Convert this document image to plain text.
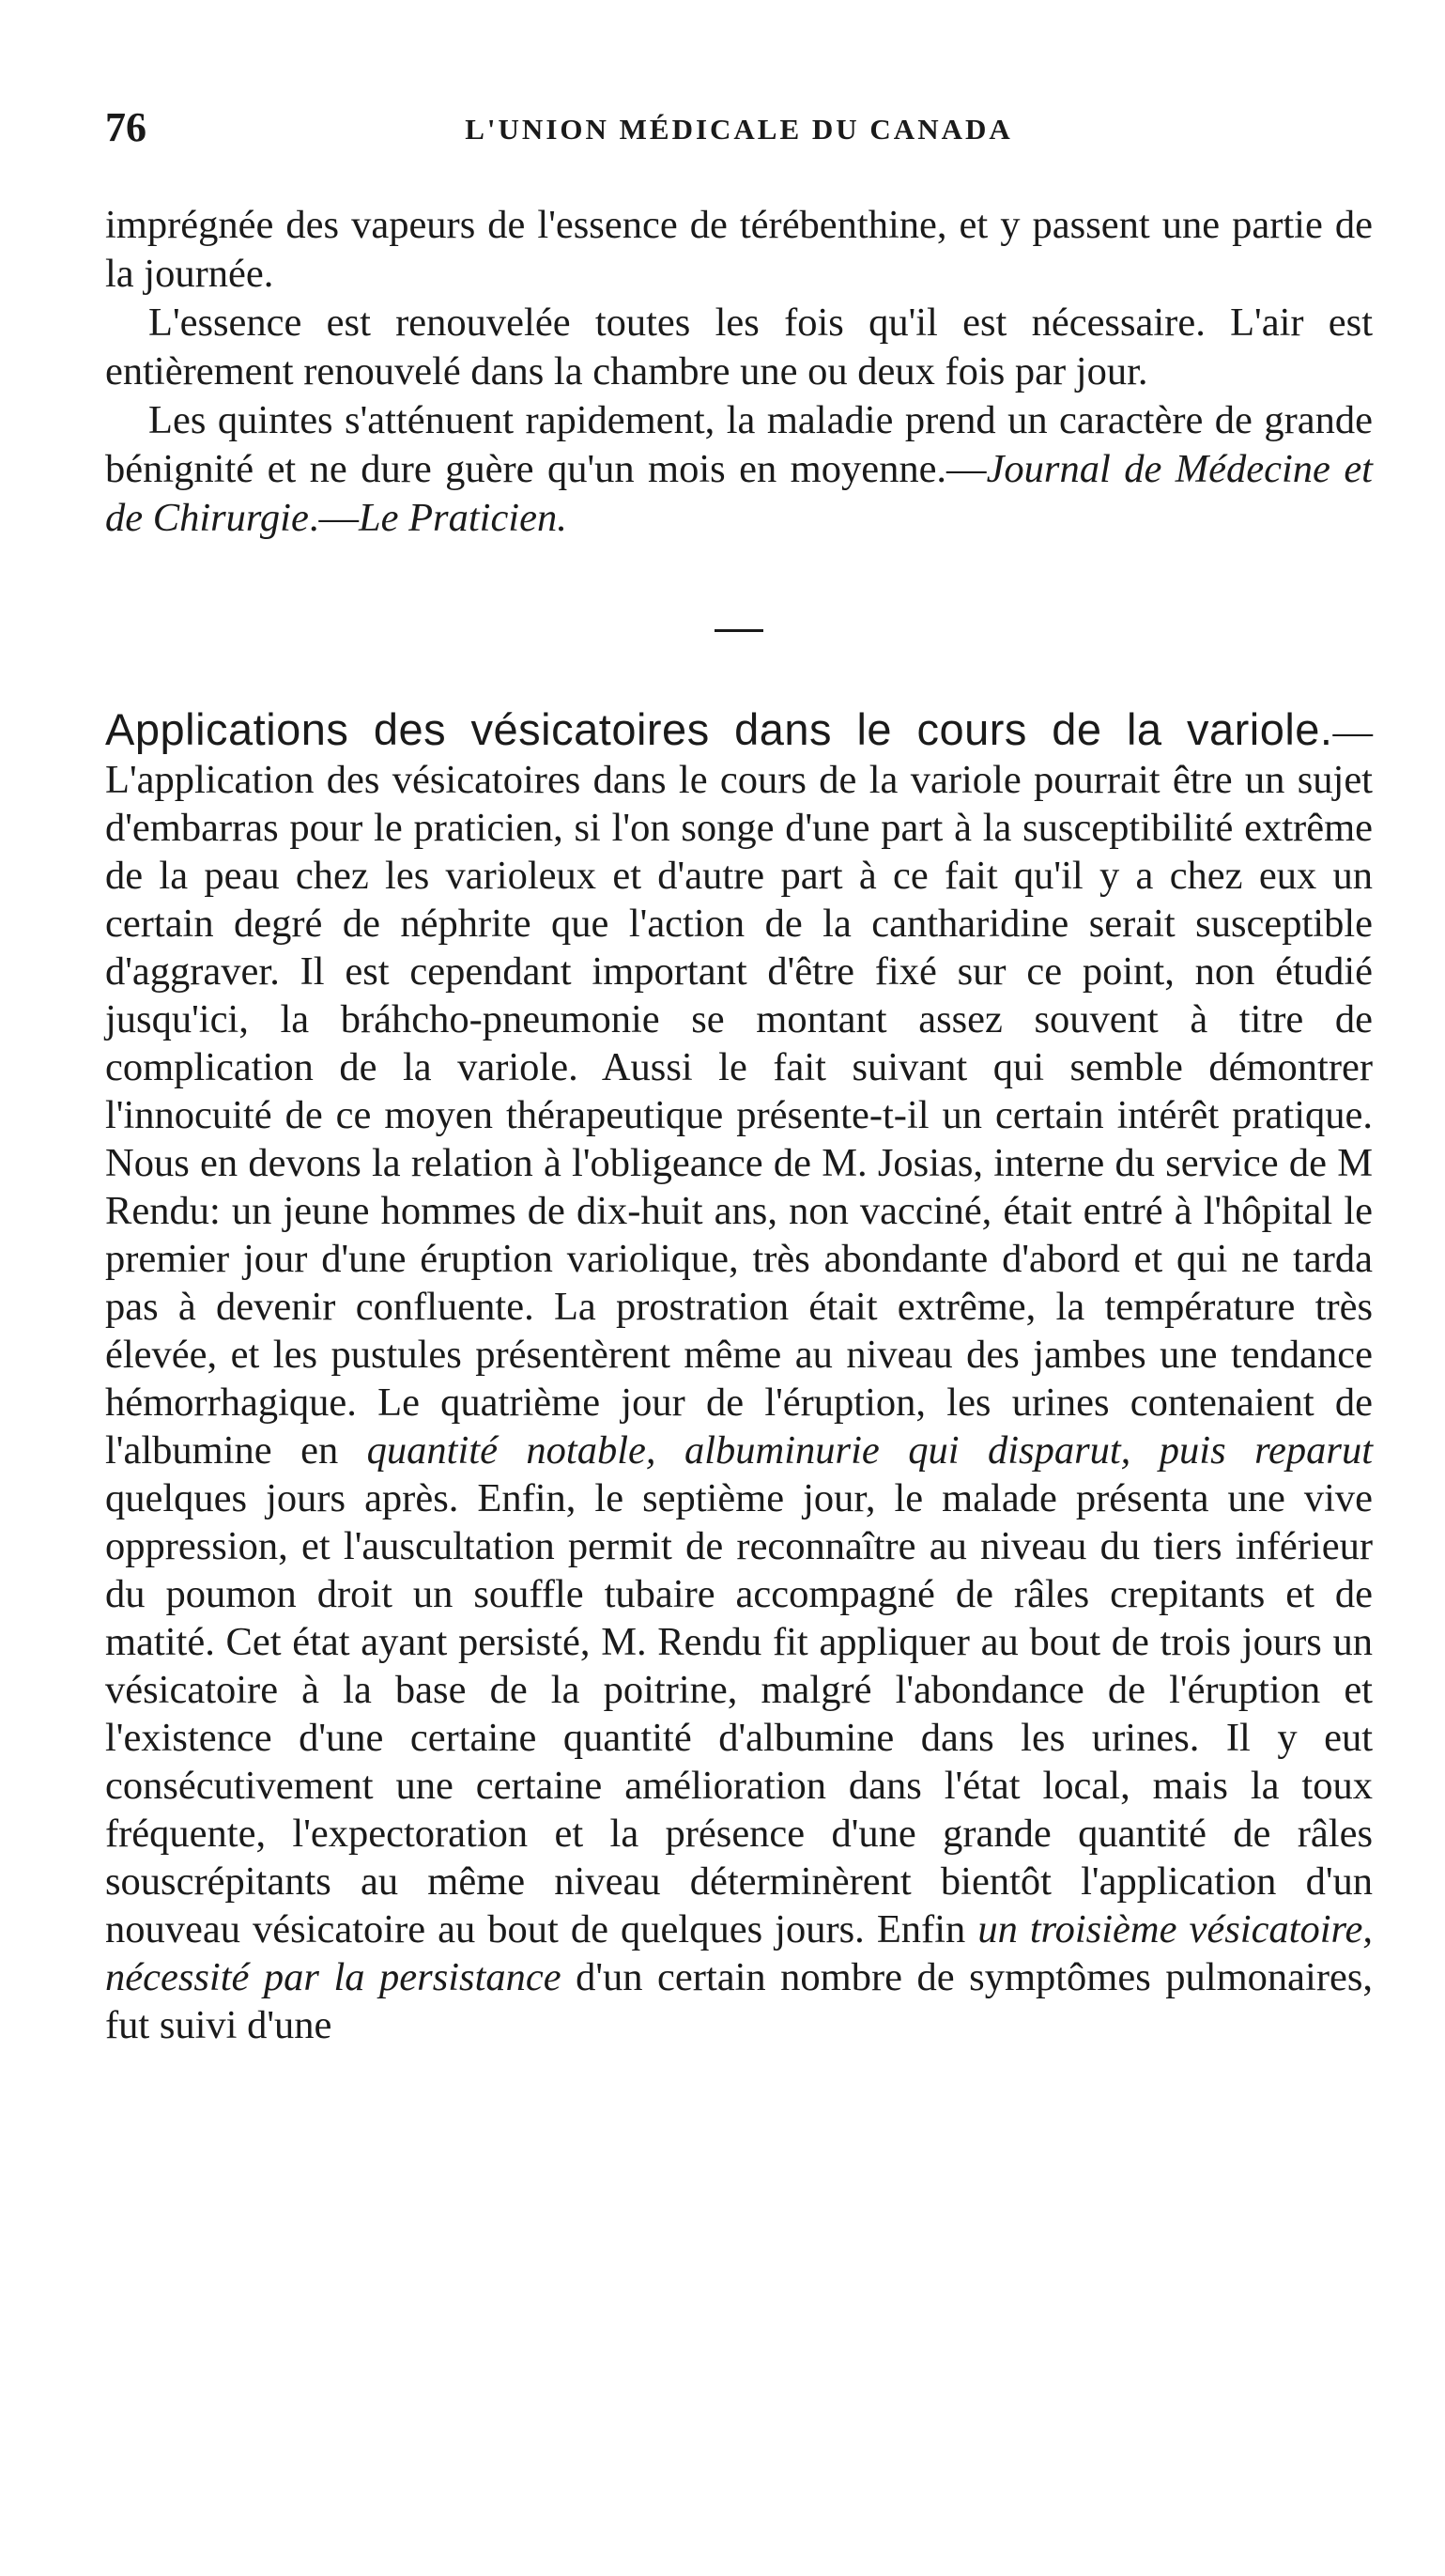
76	L'UNION MÉDICALE DU CANADA

imprégnée des vapeurs de l'essence de térébenthine, et y passent une partie de la journée.

L'essence est renouvelée toutes les fois qu'il est nécessaire. L'air est entièrement renouvelé dans la chambre une ou deux fois par jour.

Les quintes s'atténuent rapidement, la maladie prend un caractère de grande bénignité et ne dure guère qu'un mois en moyenne.—Journal de Médecine et de Chirurgie.—Le Praticien.

Applications des vésicatoires dans le cours de la variole.—L'application des vésicatoires dans le cours de la variole pourrait être un sujet d'embarras pour le praticien, si l'on songe d'une part à la susceptibilité extrême de la peau chez les varioleux et d'autre part à ce fait qu'il y a chez eux un certain degré de néphrite que l'action de la cantharidine serait susceptible d'aggraver. Il est cependant important d'être fixé sur ce point, non étudié jusqu'ici, la bráhcho-pneumonie se montant assez souvent à titre de complication de la variole. Aussi le fait suivant qui semble démontrer l'innocuité de ce moyen thérapeutique présente-t-il un certain intérêt pratique. Nous en devons la relation à l'obligeance de M. Josias, interne du service de M Rendu: un jeune hommes de dix-huit ans, non vacciné, était entré à l'hôpital le premier jour d'une éruption variolique, très abondante d'abord et qui ne tarda pas à devenir confluente. La prostration était extrême, la température très élevée, et les pustules présentèrent même au niveau des jambes une tendance hémorrhagique. Le quatrième jour de l'éruption, les urines contenaient de l'albumine en quantité notable, albuminurie qui disparut, puis reparut quelques jours après. Enfin, le septième jour, le malade présenta une vive oppression, et l'auscultation permit de reconnaître au niveau du tiers inférieur du poumon droit un souffle tubaire accompagné de râles crepitants et de matité. Cet état ayant persisté, M. Rendu fit appliquer au bout de trois jours un vésicatoire à la base de la poitrine, malgré l'abondance de l'éruption et l'existence d'une certaine quantité d'albumine dans les urines. Il y eut consécutivement une certaine amélioration dans l'état local, mais la toux fréquente, l'expectoration et la présence d'une grande quantité de râles souscrépitants au même niveau déterminèrent bientôt l'application d'un nouveau vésicatoire au bout de quelques jours. Enfin un troisième vésicatoire, nécessité par la persistance d'un certain nombre de symptômes pulmonaires, fut suivi d'une
